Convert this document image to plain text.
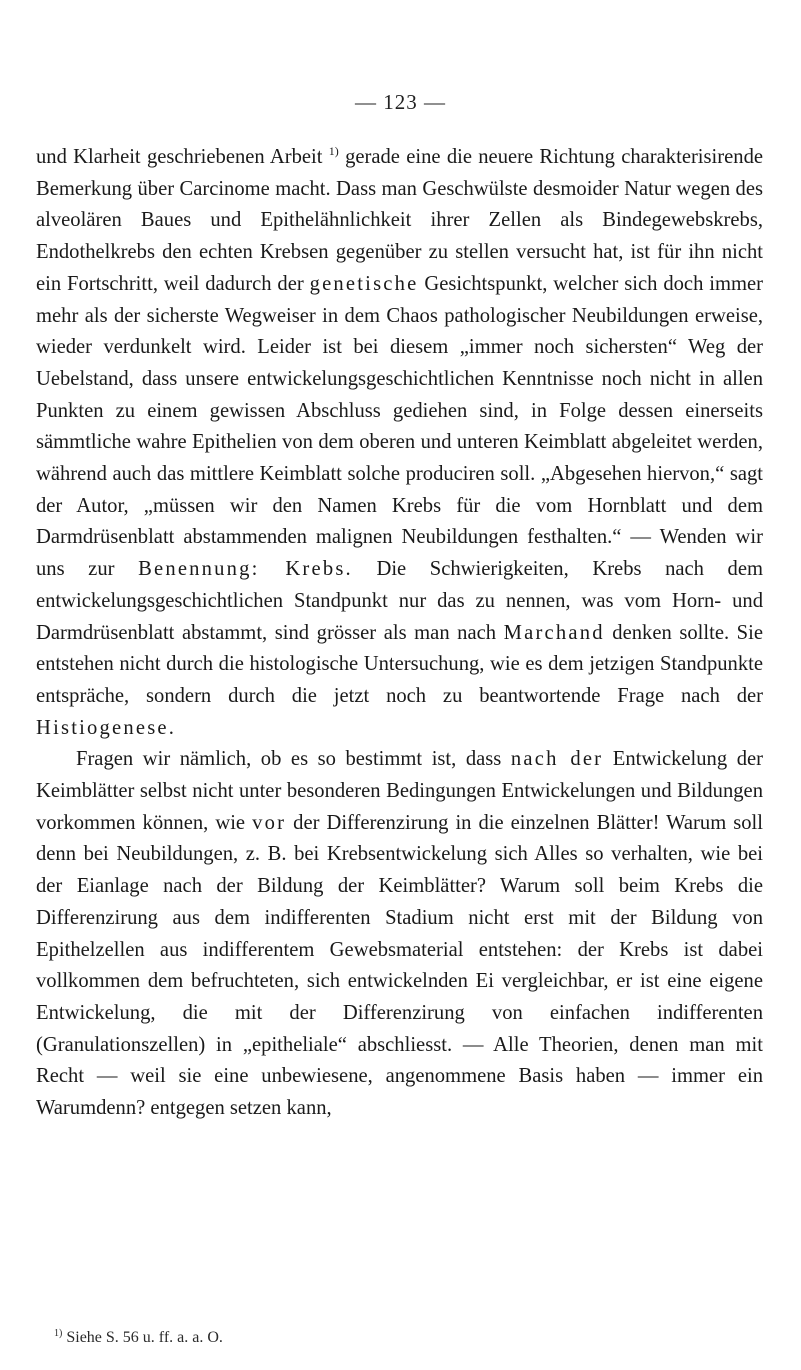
— 123 —

und Klarheit geschriebenen Arbeit $^{1)}$ gerade eine die neuere Richtung charakterisirende Bemerkung über Carcinome macht. Dass man Geschwülste desmoider Natur wegen des alveolären Baues und Epithelähnlichkeit ihrer Zellen als Bindegewebskrebs, Endothelkrebs den echten Krebsen gegenüber zu stellen versucht hat, ist für ihn nicht ein Fortschritt, weil dadurch der genetische Gesichtspunkt, welcher sich doch immer mehr als der sicherste Wegweiser in dem Chaos pathologischer Neubildungen erweise, wieder verdunkelt wird. Leider ist bei diesem „immer noch sichersten“ Weg der Uebelstand, dass unsere entwickelungsgeschichtlichen Kenntnisse noch nicht in allen Punkten zu einem gewissen Abschluss gediehen sind, in Folge dessen einerseits sämmtliche wahre Epithelien von dem oberen und unteren Keimblatt abgeleitet werden, während auch das mittlere Keimblatt solche produciren soll. „Abgesehen hiervon,“ sagt der Autor, „müssen wir den Namen Krebs für die vom Hornblatt und dem Darmdrüsenblatt abstammenden malignen Neubildungen festhalten.“ — Wenden wir uns zur Benennung: Krebs. Die Schwierigkeiten, Krebs nach dem entwickelungsgeschichtlichen Standpunkt nur das zu nennen, was vom Horn- und Darmdrüsenblatt abstammt, sind grösser als man nach Marchand denken sollte. Sie entstehen nicht durch die histologische Untersuchung, wie es dem jetzigen Standpunkte entspräche, sondern durch die jetzt noch zu beantwortende Frage nach der Histiogenese.

Fragen wir nämlich, ob es so bestimmt ist, dass nach der Entwickelung der Keimblätter selbst nicht unter besonderen Bedingungen Entwickelungen und Bildungen vorkommen können, wie vor der Differenzirung in die einzelnen Blätter! Warum soll denn bei Neubildungen, z. B. bei Krebsentwickelung sich Alles so verhalten, wie bei der Eianlage nach der Bildung der Keimblätter? Warum soll beim Krebs die Differenzirung aus dem indifferenten Stadium nicht erst mit der Bildung von Epithelzellen aus indifferentem Gewebsmaterial entstehen: der Krebs ist dabei vollkommen dem befruchteten, sich entwickelnden Ei vergleichbar, er ist eine eigene Entwickelung, die mit der Differenzirung von einfachen indifferenten (Granulationszellen) in „epitheliale“ abschliesst. — Alle Theorien, denen man mit Recht — weil sie eine unbewiesene, angenommene Basis haben — immer ein Warumdenn? entgegen setzen kann,

$^{1)}$ Siehe S. 56 u. ff. a. a. O.
